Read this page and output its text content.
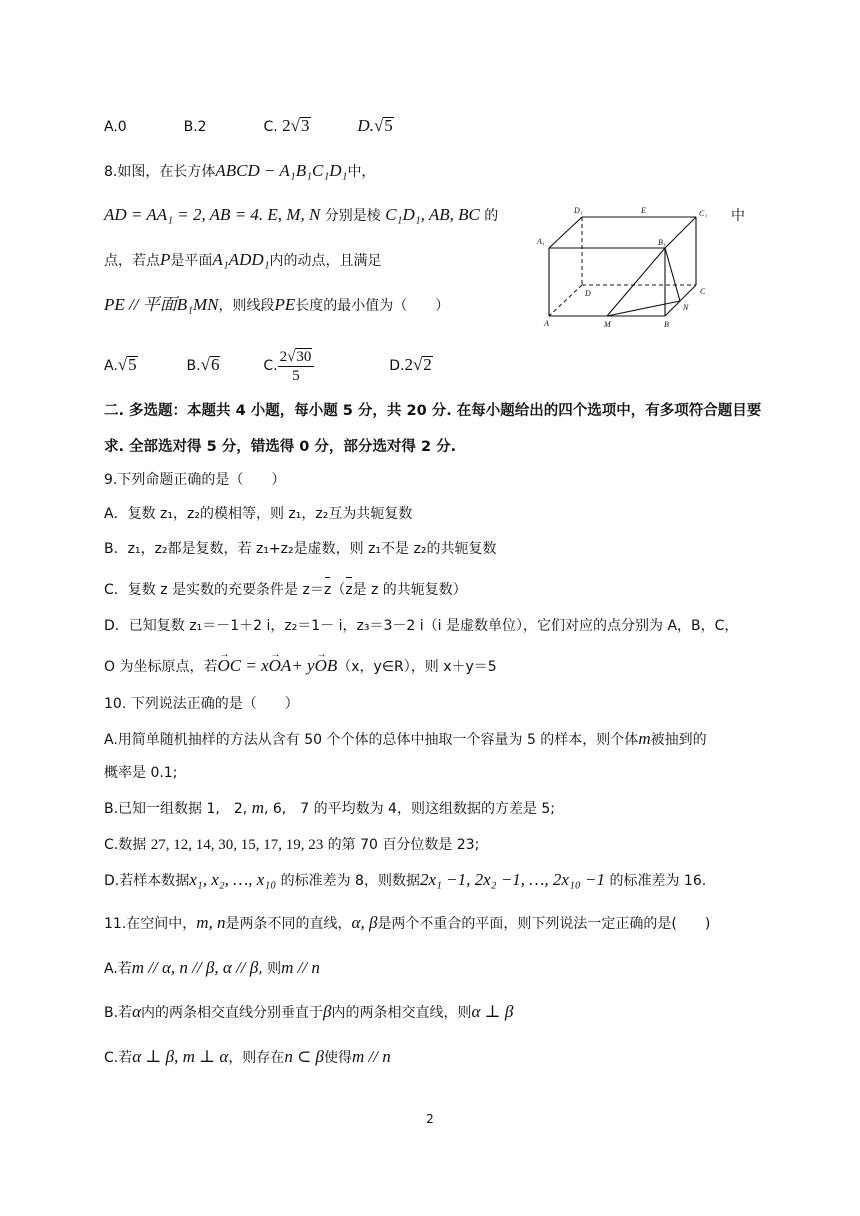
A.0	B.2	C. 2√3	D.√5
8.如图，在长方体ABCD − A₁B₁C₁D₁中，
AD = AA₁ = 2, AB = 4. E, M, N 分别是棱 C₁D₁, AB, BC 的	中
点，若点P是平面A₁ADD₁内的动点，且满足
PE // 平面B₁MN，则线段PE长度的最小值为（　　）
A.√5	B.√6	C. $\frac{2√30}{5}$	D.2√2
D₁	E	C₁
A₁	B₁
D	C
N
A	M	B
二. 多选题：本题共 4 小题，每小题 5 分，共 20 分. 在每小题给出的四个选项中，有多项符合题目要
求. 全部选对得 5 分，错选得 0 分，部分选对得 2 分.
9.下列命题正确的是（　　）
A．复数 z₁，z₂的模相等，则 z₁，z₂互为共轭复数
B．z₁，z₂都是复数，若 z₁+z₂是虚数，则 z₁不是 z₂的共轭复数
C．复数 z 是实数的充要条件是 z＝z（z是 z 的共轭复数）
D．已知复数 z₁＝－1＋2 i，z₂＝1－ i，z₃＝3－2 i（i 是虚数单位），它们对应的点分别为 A，B，C，
O 为坐标原点，若→ OC = x→ OA+ y→ OB（x，y∈R），则 x＋y＝5
10. 下列说法正确的是（　　）
A.用简单随机抽样的方法从含有 50 个个体的总体中抽取一个容量为 5 的样本，则个体m被抽到的
概率是 0.1;
B.已知一组数据 1,　2, m, 6,　7 的平均数为 4，则这组数据的方差是 5;
C.数据 27, 12, 14, 30, 15, 17, 19, 23 的第 70 百分位数是 23;
D.若样本数据x₁, x₂, …, x₁₀ 的标准差为 8，则数据2x₁ −1, 2x₂ −1, …, 2x₁₀ −1 的标准差为 16.
11.在空间中，m, n是两条不同的直线，α, β是两个不重合的平面，则下列说法一定正确的是(　　)
A.若m // α, n // β, α // β, 则m // n
B.若α内的两条相交直线分别垂直于β内的两条相交直线，则α ⊥ β
C.若α ⊥ β, m ⊥ α，则存在n ⊂ β使得m // n
2
